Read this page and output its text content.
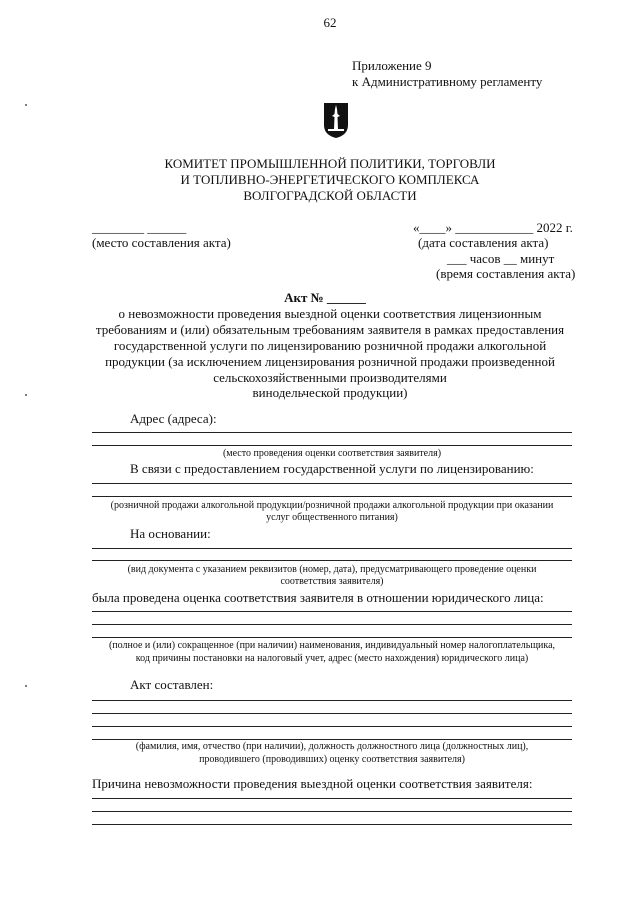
62
Приложение 9
к Административному регламенту
КОМИТЕТ ПРОМЫШЛЕННОЙ ПОЛИТИКИ, ТОРГОВЛИ
И ТОПЛИВНО-ЭНЕРГЕТИЧЕСКОГО КОМПЛЕКСА
ВОЛГОГРАДСКОЙ ОБЛАСТИ
________ ______
(место составления акта)
«____» ____________ 2022 г.
(дата составления акта)
___ часов __ минут
(время составления акта)
Акт № ______
о невозможности проведения выездной оценки соответствия лицензионным
требованиям и (или) обязательным требованиям заявителя в рамках предоставления
государственной услуги по лицензированию розничной продажи алкогольной
продукции (за исключением лицензирования розничной продажи произведенной
сельскохозяйственными производителями
винодельческой продукции)
Адрес (адреса):
(место проведения оценки соответствия заявителя)
В связи с предоставлением государственной услуги по лицензированию:
(розничной продажи алкогольной продукции/розничной продажи алкогольной продукции при оказании
услуг общественного питания)
На основании:
(вид документа с указанием реквизитов (номер, дата), предусматривающего проведение оценки
соответствия заявителя)
была проведена оценка соответствия заявителя в отношении юридического лица:
(полное и (или) сокращенное (при наличии) наименования, индивидуальный номер налогоплательщика,
код причины постановки на налоговый учет, адрес (место нахождения) юридического лица)
Акт составлен:
(фамилия, имя, отчество (при наличии), должность должностного лица (должностных лиц),
проводившего (проводивших) оценку соответствия заявителя)
Причина невозможности проведения выездной оценки соответствия заявителя:
